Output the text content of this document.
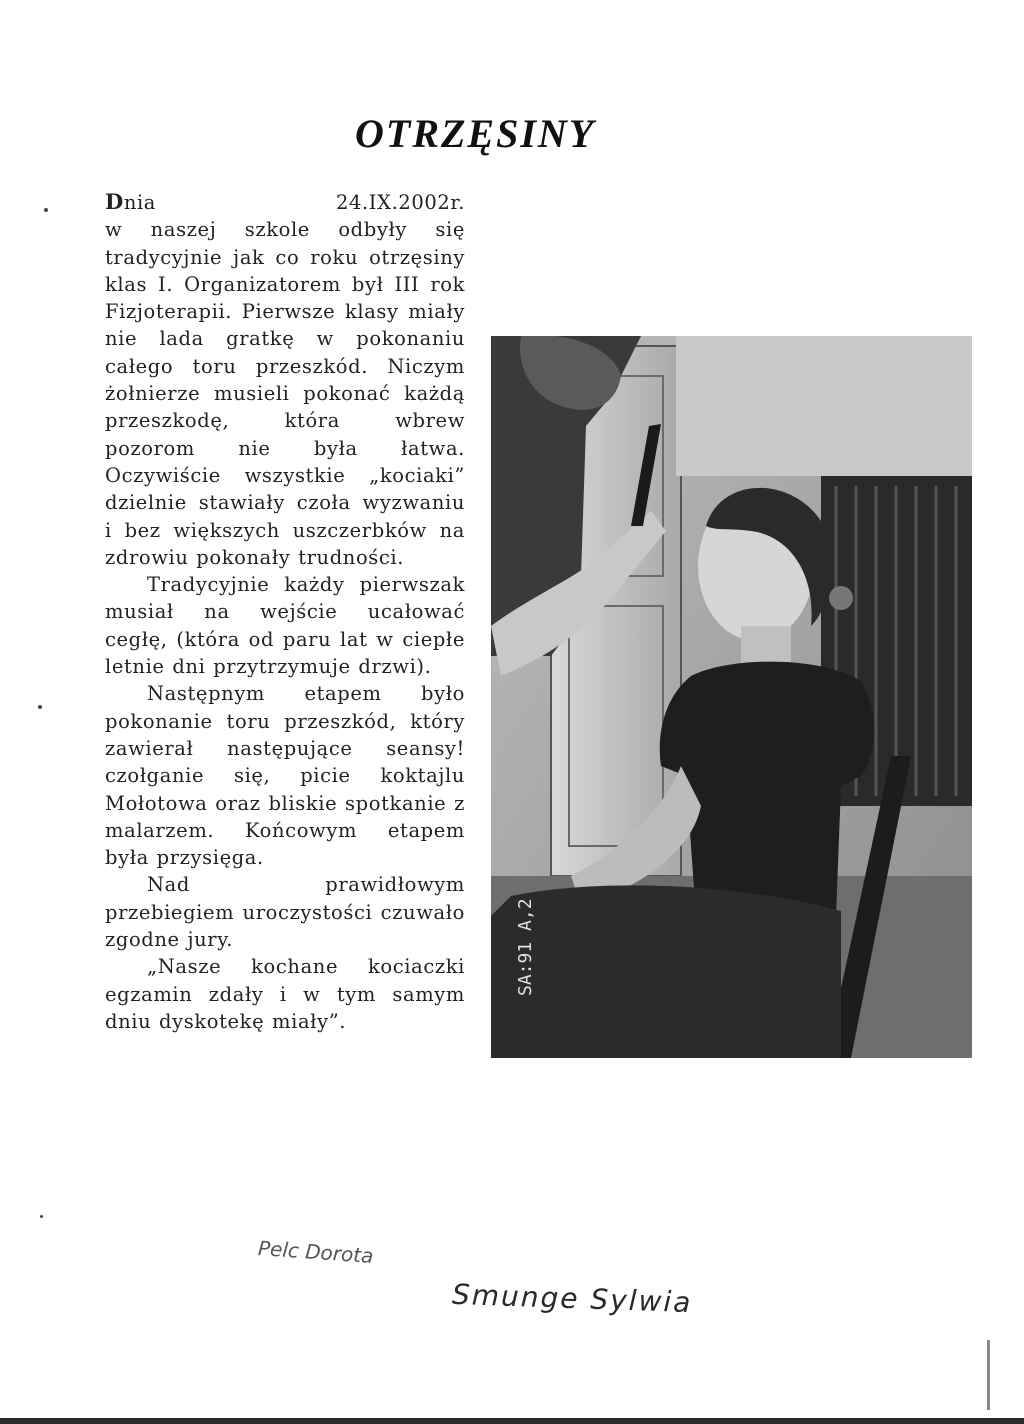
OTRZĘSINY

Dnia	24.IX.2002r.
w naszej szkole odbyły się tradycyjnie jak co roku otrzęsiny klas I. Organizatorem był III rok Fizjoterapii. Pierwsze klasy miały nie lada gratkę w pokonaniu całego toru przeszkód. Niczym żołnierze musieli pokonać każdą przeszkodę, która wbrew pozorom nie była łatwa. Oczywiście wszystkie „kociaki” dzielnie stawiały czoła wyzwaniu i bez większych uszczerbków na zdrowiu pokonały trudności.

Tradycyjnie każdy pierwszak musiał na wejście ucałować cegłę, (która od paru lat w ciepłe letnie dni przytrzymuje drzwi).

Następnym etapem było pokonanie toru przeszkód, który zawierał następujące seansy! czołganie się, picie koktajlu Mołotowa oraz bliskie spotkanie z malarzem. Końcowym etapem była przysięga.

Nad prawidłowym przebiegiem uroczystości czuwało zgodne jury.

„Nasze kochane kociaczki egzamin zdały i w tym samym dniu dyskotekę miały”.

SA:91 A,2
Pelc Dorota
Smunge Sylwia
